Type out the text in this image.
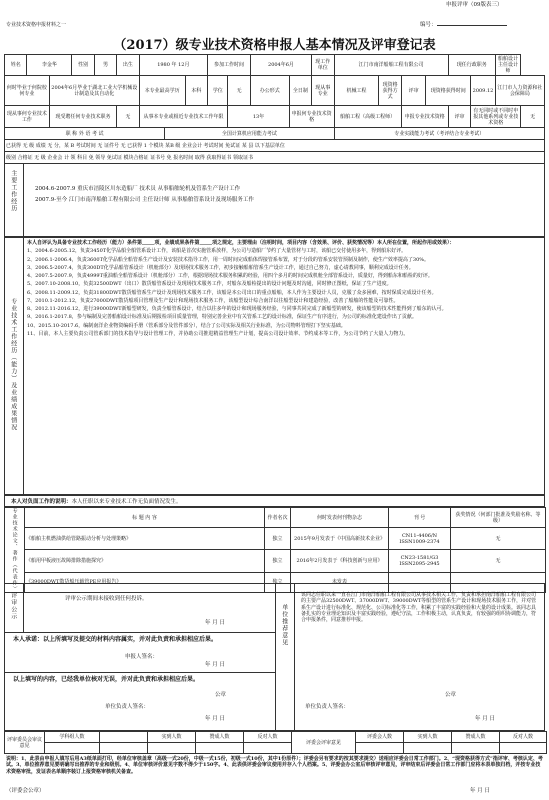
申报评审（09版表三）
专业技术资格申报材料之一	编号：
（2017）级专业技术资格申报人基本情况及评审登记表
姓名	李金华		性别	男	出生	1980 年 12月			参加工作时间		2004年6月		现工作单位	江门市南洋船舶工程有限公司				现任行政职务		船舶设计主任设计师	
何时毕业于何院校何专业		2004年6月毕业于湖北工业大学机械设计制造及其自动化				本专业最高学历		本科	学位	无	办公形式	全日制	现从事专业	机械工程	现资格获得方式	评审	现资格获得时间		2009.12	江门市人力资源和社会保障局	
现从事何专业技术工作		现受聘任何专业技术职务			无	从事本专业或相近专业技术工作年限				13年		申报何专业技术资格		船舶工程（高级工程师）		申报专业技术资格		评审	有无同时或不同时申报其他系列或专业技术资格		无
职 称 外 语 考 试							全国计算机应用能力考试							专业实践能力考试（考评结合专业考试）							
已获得 无 级 成绩 无 分，某 B 考试时间 无 证件号 无 已获得 1 个模块 某B 级 企业会计 考试时间 免试证 某 县 以下基层单位																					
级别 合格证 无 级 企业会 计 领 科目 免 领导 免试证 模块合格证 证书号 免 报名时间 取得 获取得证书 领取证书																					
主要工作经历	2004.6-2007.9 重庆市涪陵区川东造船厂 技术员 从事船舶轮机及管系生产设计工作
2007.9-至今 江门市南洋船舶工程有限公司 主任设计师 从事船舶管系设计及现场服务工作
专业技术工作经历（能力）及业绩成果情况

本人自评认为具备专业技术工作经历（能力）条件第_____项，业绩成果条件第_____项之规定，主要理由（注明时间，项目内容（含效果、评价、获奖情况等）本人所在位置，所起作用或效果）：

1、2004.6-2005.12，负责3450T化学品船全船管系设计工作，该船是首次实施管系放样，为公司与造船厂节约了大量管材与工时，该船已交付使用多年，得到船东好评。

2、2006.1-2006.4，负责3600T化学品船全船管系生产设计及安装技术指导工作，用一周时间完成船体焊接管系布置，对于分段的管系安装管预制及制作，使生产效率提高了30%。

3、2006.5-2007.4，负责300DT化学品船管系设计（机舱部分）及现场技术服务工作，初步接触船舶管系生产设计工作，通过自己努力，虚心请教同事，顺利完成设计任务。

4、2007.5-2007.9，负责4999T重油船全船管系设计（机舱部分）工作，根据现场技术服务积累的经验，用四个多月的时间完成机舱全部管系设计，质量好，得到船东和船检的好评。

5、2007.10-2008.10，负责32500DWT（出口）散货船管系设计及现场技术服务工作，对船东及船检提出的设计问题及时沟通，同时修正图纸，保证了生产进度。

6、2008.11-2009.12，负责31800DWT散货船管系生产设计及现场技术服务工作，该船是本公司出口的重点船舶，本人作为主要设计人员，克服了众多困难，按时保质完成设计任务。

7、2010.1-2012.12，负责27000DWT散货船项目管理及生产设计和现场技术服务工作，该船型设计综合南洋以往船型设计和建造经验，改善了船舶的性能及可靠性。

8、2012.11-2016.12，进行39000DWT新船型研发，负责全船管系设计，结合以往多年的设计和现场服务经验，与同事共同完成了新船型的研发，使该船型的技术性能得到了船东的认可。

9、2016.1-2017.8，参与编制及完善船舶设计标准及后期报检项目质量管理，特别完善企业中有关管系工艺的设计标准，保证生产有序进行，为公司的标准化建设作出了贡献。

10、2015.10-2017.6，编制南洋企业物资编码手册（管系部分及管件部分），结合了公司实际及相关行业标准，为公司物料管理打下坚实基础。

11、目前，本人主要负责公司管系部门的技术指导与设计管理工作，并协助公司推进精益管理生产计划，提高公司设计效率、节约成本等工作，为公司节约了大量人力物力。

本人对负面工作的说明：本人任职以来专业技术工作无负面情况发生。
专业技术论文、著作（代表作）	标 题 内 容	作者名次	何时发表何刊物杂志	刊 号	获奖情况（何部门批准及奖励名称、等级）
	《船舶主机燃油供给管路振动分析与处理策略》	独立	2015年9月发表于《中国高新技术企业》	CN11-4406/N ISSN1009-2374	无
	《船用甲板液压故障排除措施探究》	独立	2016年2月发表于《科技创新与应用》	CN23-1581/G3 ISSN2095-2945	无
	《39000DWT散货船压载管PE应用报告》	独立	未发表		
评审公示	评审公示期间未接收到任何投诉。
年 月 日
本人承诺：以上所填写及提交的材料内容属实，并对此负责和承担相应后果。
申报人签名：
年 月 日
以上填写的内容，已经我单位核对无误，并对此负责和承担相应后果。
公章
单位负责人签名：
年 月 日
单位推荐意见
该同志任职以来一直在江门市南洋船舶工程有限公司从事技术相关工作，负责和承担南洋船舶工程有限公司的主要产品32500DWT、37000DWT、39000DWT等船型的管系生产设计和现场技术服务工作，并对管系生产设计进行标准化、规范化、公司标准化等工作，积累了丰富的实践经验和大量的设计成果。该同志具备扎实的专业理论知识及丰富实践经验，遵纪守法，工作积极主动，认真负责，有较强的组织协调能力，符合申报条件，同意推荐申报。
公章
单位负责人签名：
年 月 日
评审委员会审议意见	学科组人数		实到人数	赞成人数	反对人数	评委会评审意见	评委会人数	实到人数	赞成人数	反对人数

说明：1、此表由申报人填写后用A3纸单面打印，经单位审核盖章（高级一式20份，中级一式15份，初级一式10份，其中1份原件）；评委会另有要求的按其要求提交）送相应评委会日常工作部门。2、“现资格获得方式”指评审、考核认定、考试。3、单位推荐意见要明确写出推荐的专业和级别。4、单位审核评价意见字数不得少于150字。4、此表供评委会审议使用并存入个人档案。5、评委会办公室后审核评审意见，评审结束后评委会日常工作部门应将本表单独归档，并按专业技术资格审批，发证表名单顺序装订上报资格审核机关备查。
（评委会公章）	年 月 日
